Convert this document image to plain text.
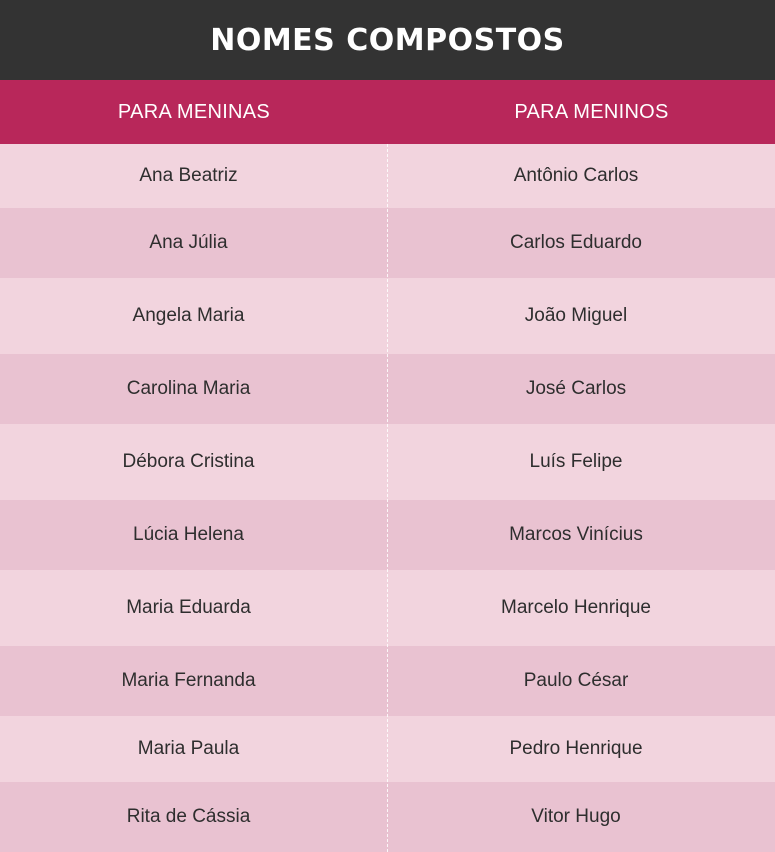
NOMES COMPOSTOS
PARA MENINAS	PARA MENINOS
Ana Beatriz	Antônio Carlos
Ana Júlia	Carlos Eduardo
Angela Maria	João Miguel
Carolina Maria	José Carlos
Débora Cristina	Luís Felipe
Lúcia Helena	Marcos Vinícius
Maria Eduarda	Marcelo Henrique
Maria Fernanda	Paulo César
Maria Paula	Pedro Henrique
Rita de Cássia	Vitor Hugo
